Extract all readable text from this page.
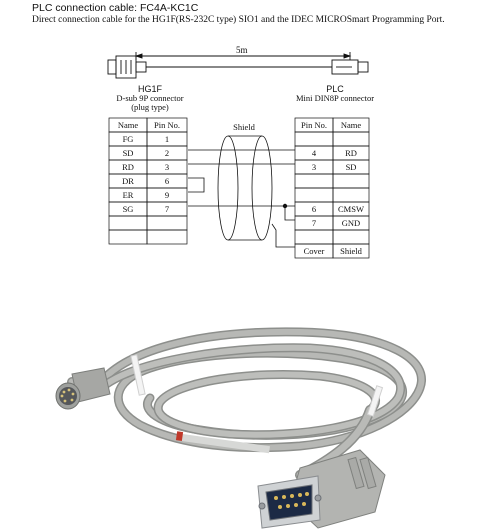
PLC connection cable: FC4A-KC1C
Direct connection cable for the HG1F(RS-232C type) SIO1 and the IDEC MICROSmart Programming Port.
5m
HG1F
D-sub 9P connector
(plug type)
PLC
Mini DIN8P connector
Shield
Name Pin No.
FG	1
SD	2
RD	3
DR	6
ER	9
SG	7
Pin No. Name
4	RD
3	SD
6	CMSW
7	GND
Cover Shield
